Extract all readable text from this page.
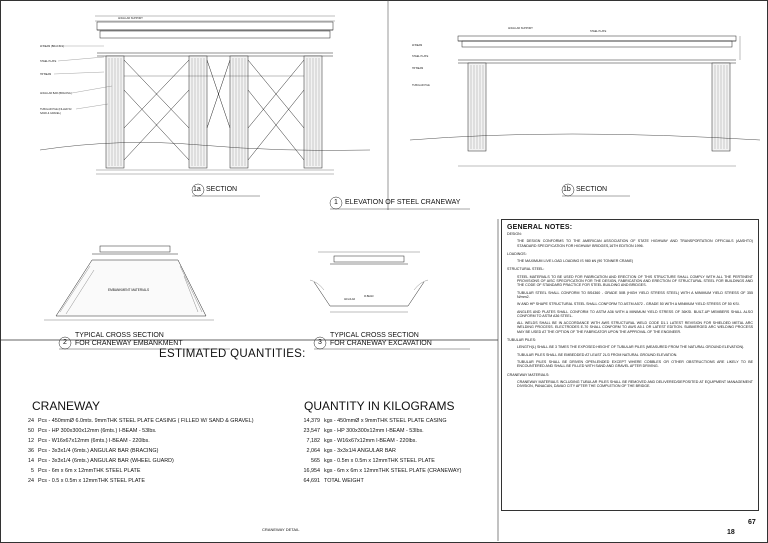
W-BEAM (BRACING)
STEEL PLATE
HP BEAM
ANGULAR BAR (BRACING)
TUBULAR PILE (FILLED W/
SAND & GRAVEL)
ANGULAR SUPPORT
W-BEAM
STEEL PLATE
HP BEAM
TUBULAR PILE
ANGULAR SUPPORT
STEEL PLATE
ANGULAR
W-BEAM
1a SECTION	1b SECTION
1 ELEVATION OF STEEL CRANEWAY
2
TYPICAL CROSS SECTION
FOR CRANEWAY EMBANKMENT
EMBANKMENT MATERIALS
3
TYPICAL CROSS SECTION
FOR CRANEWAY EXCAVATION
GENERAL NOTES:
DESIGN:
THE DESIGN CONFORMS TO THE AMERICAN ASSOCIATION OF STATE HIGHWAY AND TRANSPORTATION OFFICIALS (AASHTO) STANDARD SPECIFICATION FOR HIGHWAY BRIDGES,16TH EDITION 1996.
LOADINGS:
THE MAXIMUM LIVE LOAD LOADING IS 980 kN (90 TONNER CRANE)
STRUCTURAL STEEL:
STEEL MATERIALS TO BE USED FOR FABRICATION AND ERECTION OF THIS STRUCTURE SHALL COMPLY WITH ALL THE PERTINENT PROVISIONS OF AISC SPECIFICATION FOR THE DESIGN, FABRICATION AND ERECTION OF STRUCTURAL STEEL FOR BUILDINGS AND THE CODE OF STANDARD PRACTICE FOR STEEL BUILDING AND BRIDGES.
TUBULAR STEEL SHALL CONFORM TO BS4360 - GRADE 50B (HIGH YIELD STRESS STEEL) WITH A MINIMUM YIELD STRESS OF 355 N/mm2.
W AND HP SHAPE STRUCTURAL STEEL SHALL CONFORM TO ASTM A572 - GRADE 50 WITH A MINIMUM YIELD STRESS OF 50 KSI.
ANGLES AND PLATES SHALL CONFORM TO ASTM A36 WITH A MINIMUM YIELD STRESS OF 36KSI. BUILT-UP MEMBERS SHALL ALSO CONFORM TO ASTM A36 STEEL.
ALL WELDS SHALL BE IN ACCORDANCE WITH AWS STRUCTURAL WELD CODE D1.1 LATEST REVISION FOR SHIELDED METAL ARC WELDING PROCESS. ELECTRODES E-70 SHALL CONFORM TO AWS A5.1 OR LATEST EDITION. SUBMERGED ARC WELDING PROCESS MAY BE USED AT THE OPTION OF THE FABRICATOR UPON THE APPROVAL OF THE ENGINEER.
TUBULAR PILES:
LENGTH(L) SHALL BE 3 TIMES THE EXPOSED HEIGHT OF TUBULAR PILES (MEASURED FROM THE NATURAL GROUND ELEVATION).
TUBULAR PILES SHALL BE EMBEDDED AT LEAST 2L/3 FROM NATURAL GROUND ELEVATION.
TUBULAR PILES SHALL BE DRIVEN OPEN-ENDED EXCEPT WHERE COBBLES OR OTHER OBSTRUCTIONS ARE LIKELY TO BE ENCOUNTERED AND SHALL BE FILLED WITH SAND AND GRAVEL AFTER DRIVING.
CRANEWAY MATERIALS:
CRANEWAY MATERIALS INCLUDING TUBULAR PILES SHALL BE REMOVED AND DELIVERED/DEPOSITED AT EQUIPMENT MANAGEMENT DIVISION, PANACAN, DAVAO CITY AFTER THE COMPLETION OF THE BRIDGE.
ESTIMATED QUANTITIES:
CRANEWAY	QUANTITY IN KILOGRAMS
24 Pcs - 450mmØ 6.0mts. 9mmTHK STEEL PLATE CASING ( FILLED W/ SAND & GRAVEL)
50 Pcs - HP 300x300x12mm (6mts.) I-BEAM - 53lbs.
12 Pcs - W16x67x12mm (6mts.) I-BEAM - 220lbs.
36 Pcs - 3x3x1/4 (6mts.) ANGULAR BAR (BRACING)
14 Pcs - 3x3x1/4 (6mts.) ANGULAR BAR (WHEEL GUARD)
5 Pcs - 6m x 6m x 12mmTHK STEEL PLATE
24 Pcs - 0.5 x 0.5m x 12mmTHK STEEL PLATE
14,379 kgs - 450mmØ x 9mmTHK STEEL PLATE CASING
23,547 kgs - HP 300x300x12mm I-BEAM - 53lbs.
7,182 kgs - W16x67x12mm I-BEAM - 220lbs.
2,064 kgs - 3x3x1/4 ANGULAR BAR
565 kgs - 0.5m x 0.5m x 12mmTHK STEEL PLATE
16,954 kgs - 6m x 6m x 12mmTHK STEEL PLATE (CRANEWAY)
64,691 TOTAL WEIGHT
CRANEWAY DETAIL
67
18
